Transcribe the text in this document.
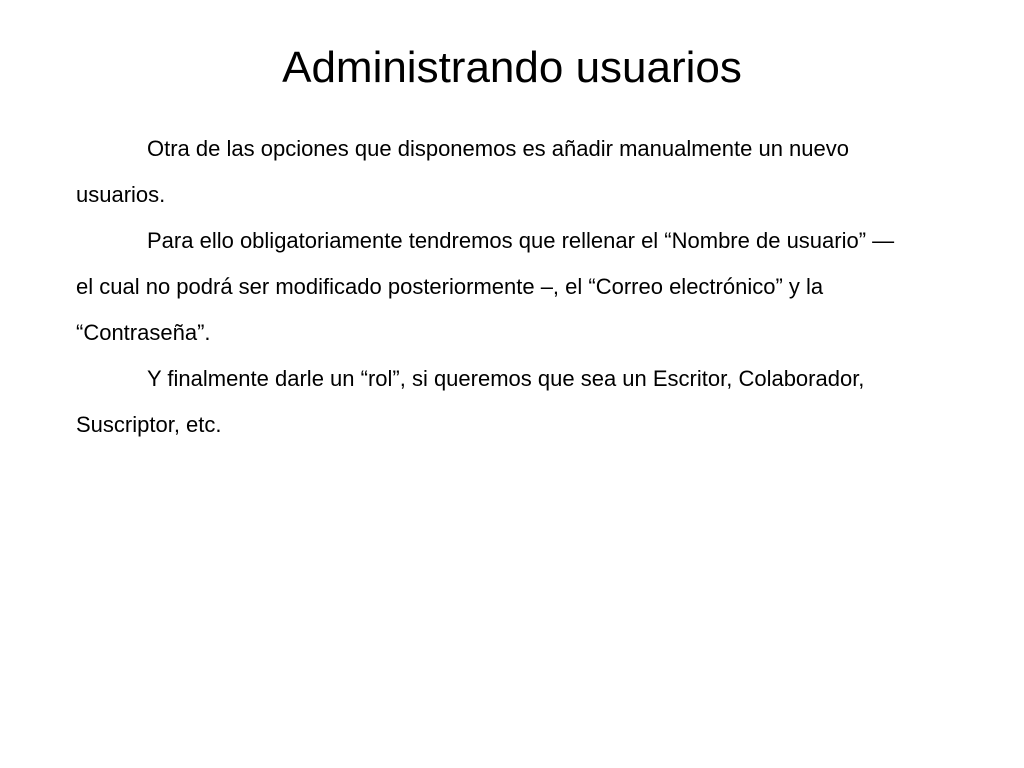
Administrando usuarios

Otra de las opciones que disponemos es añadir manualmente un nuevo usuarios.

Para ello obligatoriamente tendremos que rellenar el “Nombre de usuario” — el cual no podrá ser modificado posteriormente –, el “Correo electrónico” y la “Contraseña”.

Y finalmente darle un “rol”, si queremos que sea un Escritor, Colaborador, Suscriptor, etc.
